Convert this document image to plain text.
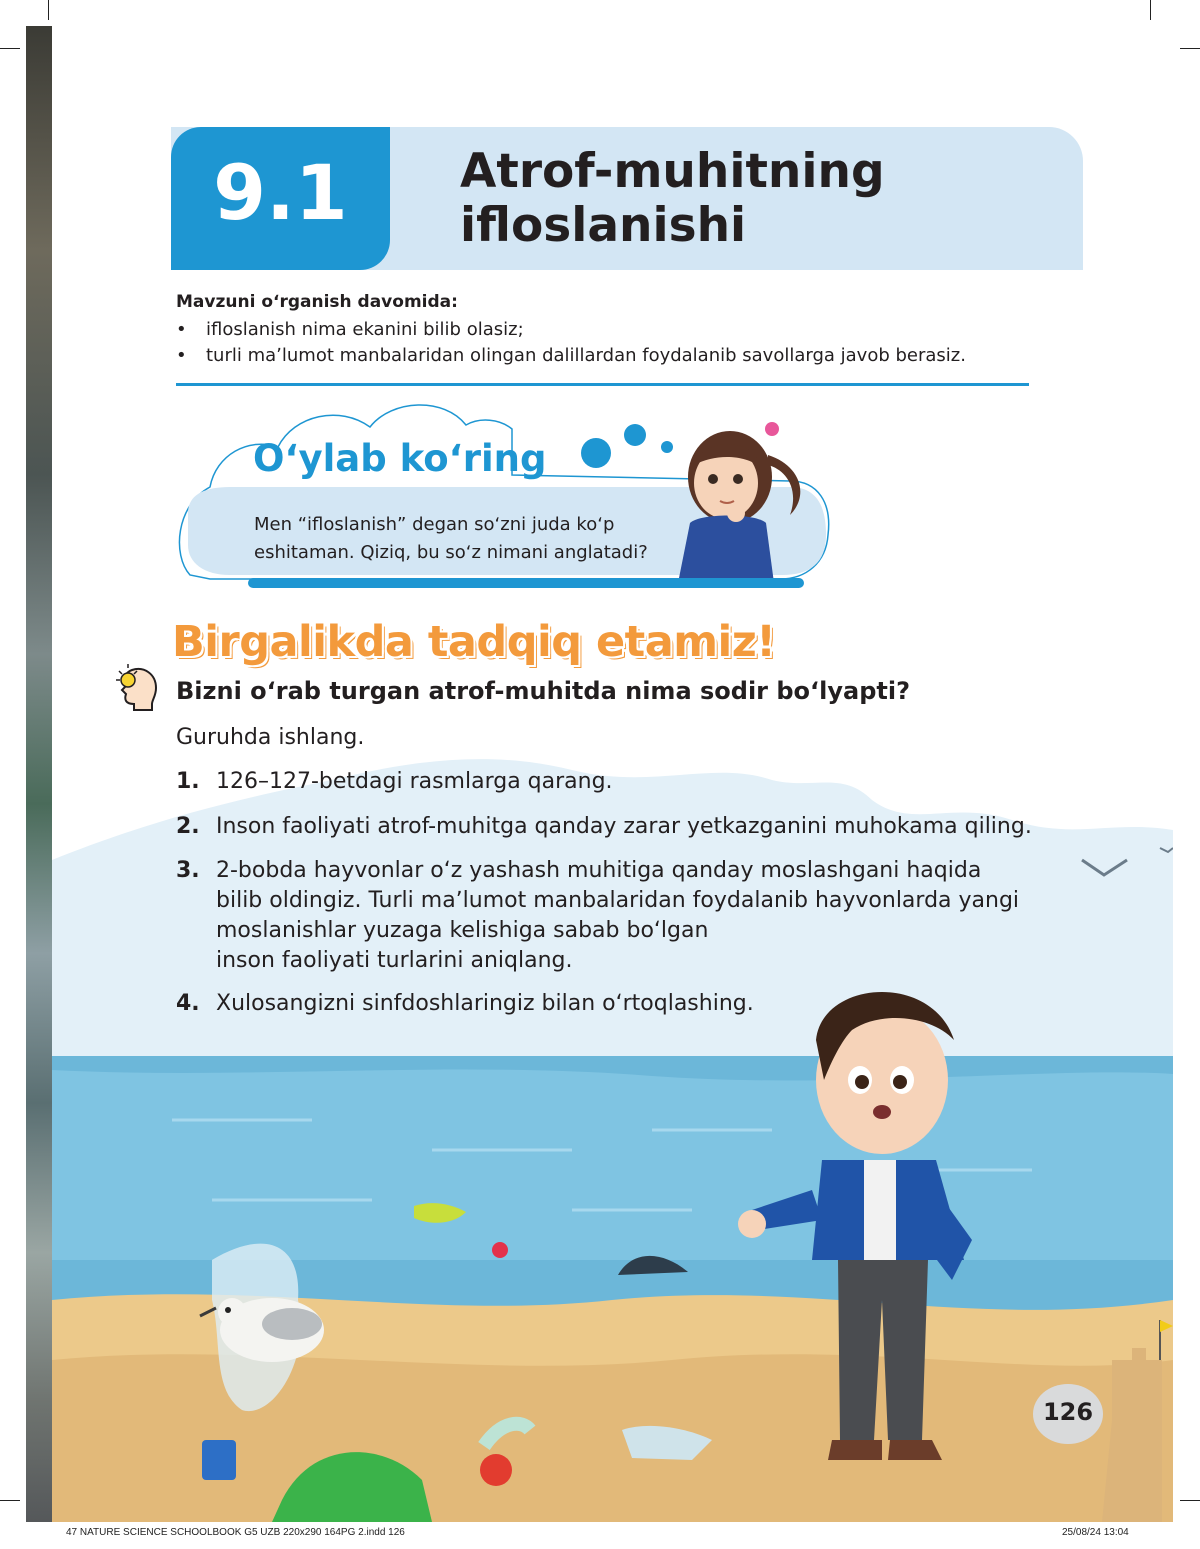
9.1	Atrof-muhitning
ifloslanishi
Mavzuni oʻrganish davomida:
•	ifloslanish nima ekanini bilib olasiz;
•	turli maʼlumot manbalaridan olingan dalillardan foydalanib savollarga javob berasiz.
Oʻylab koʻring
Men “ifloslanish” degan soʻzni juda koʻp
eshitaman. Qiziq, bu soʻz nimani anglatadi?
Birgalikda tadqiq etamiz!
Bizni oʻrab turgan atrof-muhitda nima sodir boʻlyapti?
Guruhda ishlang.
1. 126–127-betdagi rasmlarga qarang.
2. Inson faoliyati atrof-muhitga qanday zarar yetkazganini muhokama qiling.
3. 2-bobda hayvonlar oʻz yashash muhitiga qanday moslashgani haqida
bilib oldingiz. Turli maʼlumot manbalaridan foydalanib hayvonlarda yangi
moslanishlar yuzaga kelishiga sabab boʻlgan
inson faoliyati turlarini aniqlang.
4. Xulosangizni sinfdoshlaringiz bilan oʻrtoqlashing.
126
47 NATURE SCIENCE SCHOOLBOOK G5 UZB 220x290 164PG 2.indd 126	25/08/24 13:04
